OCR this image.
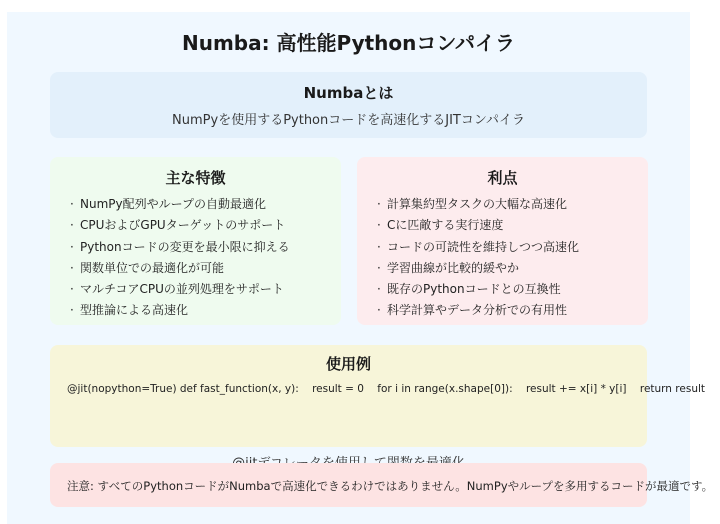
Numba: 高性能Pythonコンパイラ
Numbaとは
NumPyを使用するPythonコードを高速化するJITコンパイラ
主な特徴
· NumPy配列やループの自動最適化
· CPUおよびGPUターゲットのサポート
· Pythonコードの変更を最小限に抑える
· 関数単位での最適化が可能
· マルチコアCPUの並列処理をサポート
· 型推論による高速化
利点
· 計算集約型タスクの大幅な高速化
· Cに匹敵する実行速度
· コードの可読性を維持しつつ高速化
· 学習曲線が比較的緩やか
· 既存のPythonコードとの互換性
· 科学計算やデータ分析での有用性
使用例
@jit(nopython=True) def fast_function(x, y): result = 0 for i in range(x.shape[0]): result += x[i] * y[i] return result
注意: すべてのPythonコードがNumbaで高速化できるわけではありません。NumPyやループを多用するコードが最適です。
